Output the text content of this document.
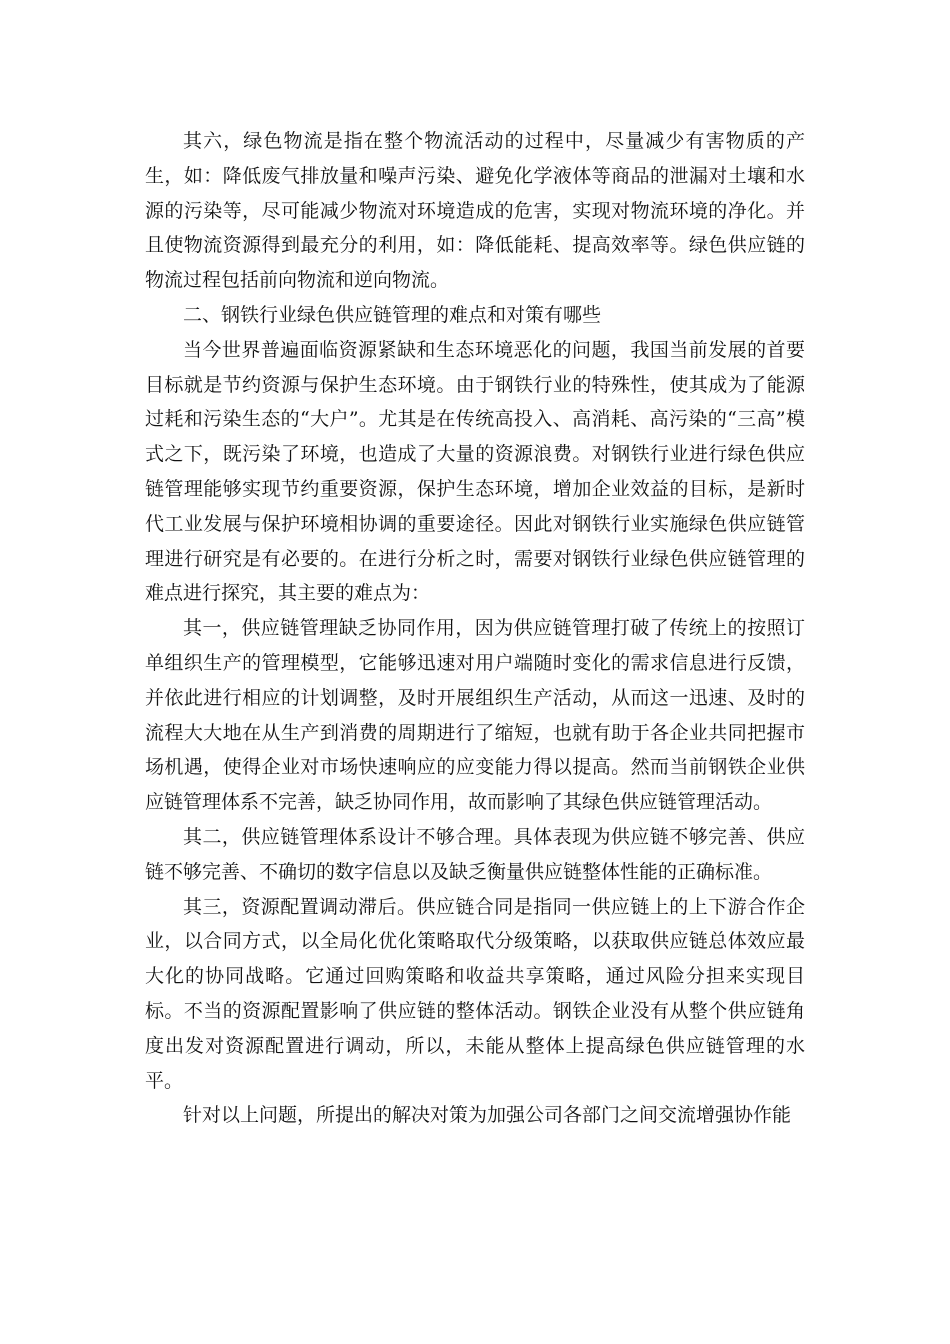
其六，绿色物流是指在整个物流活动的过程中，尽量减少有害物质的产生，如：降低废气排放量和噪声污染、避免化学液体等商品的泄漏对土壤和水源的污染等，尽可能减少物流对环境造成的危害，实现对物流环境的净化。并且使物流资源得到最充分的利用，如：降低能耗、提高效率等。绿色供应链的物流过程包括前向物流和逆向物流。

二、钢铁行业绿色供应链管理的难点和对策有哪些

当今世界普遍面临资源紧缺和生态环境恶化的问题，我国当前发展的首要目标就是节约资源与保护生态环境。由于钢铁行业的特殊性，使其成为了能源过耗和污染生态的“大户”。尤其是在传统高投入、高消耗、高污染的“三高”模式之下，既污染了环境，也造成了大量的资源浪费。对钢铁行业进行绿色供应链管理能够实现节约重要资源，保护生态环境，增加企业效益的目标，是新时代工业发展与保护环境相协调的重要途径。因此对钢铁行业实施绿色供应链管理进行研究是有必要的。在进行分析之时，需要对钢铁行业绿色供应链管理的难点进行探究，其主要的难点为：

其一，供应链管理缺乏协同作用，因为供应链管理打破了传统上的按照订单组织生产的管理模型，它能够迅速对用户端随时变化的需求信息进行反馈，并依此进行相应的计划调整，及时开展组织生产活动，从而这一迅速、及时的流程大大地在从生产到消费的周期进行了缩短，也就有助于各企业共同把握市场机遇，使得企业对市场快速响应的应变能力得以提高。然而当前钢铁企业供应链管理体系不完善，缺乏协同作用，故而影响了其绿色供应链管理活动。

其二，供应链管理体系设计不够合理。具体表现为供应链不够完善、供应链不够完善、不确切的数字信息以及缺乏衡量供应链整体性能的正确标准。

其三，资源配置调动滞后。供应链合同是指同一供应链上的上下游合作企业，以合同方式，以全局化优化策略取代分级策略，以获取供应链总体效应最大化的协同战略。它通过回购策略和收益共享策略，通过风险分担来实现目标。不当的资源配置影响了供应链的整体活动。钢铁企业没有从整个供应链角度出发对资源配置进行调动，所以，未能从整体上提高绿色供应链管理的水平。

针对以上问题，所提出的解决对策为加强公司各部门之间交流增强协作能
